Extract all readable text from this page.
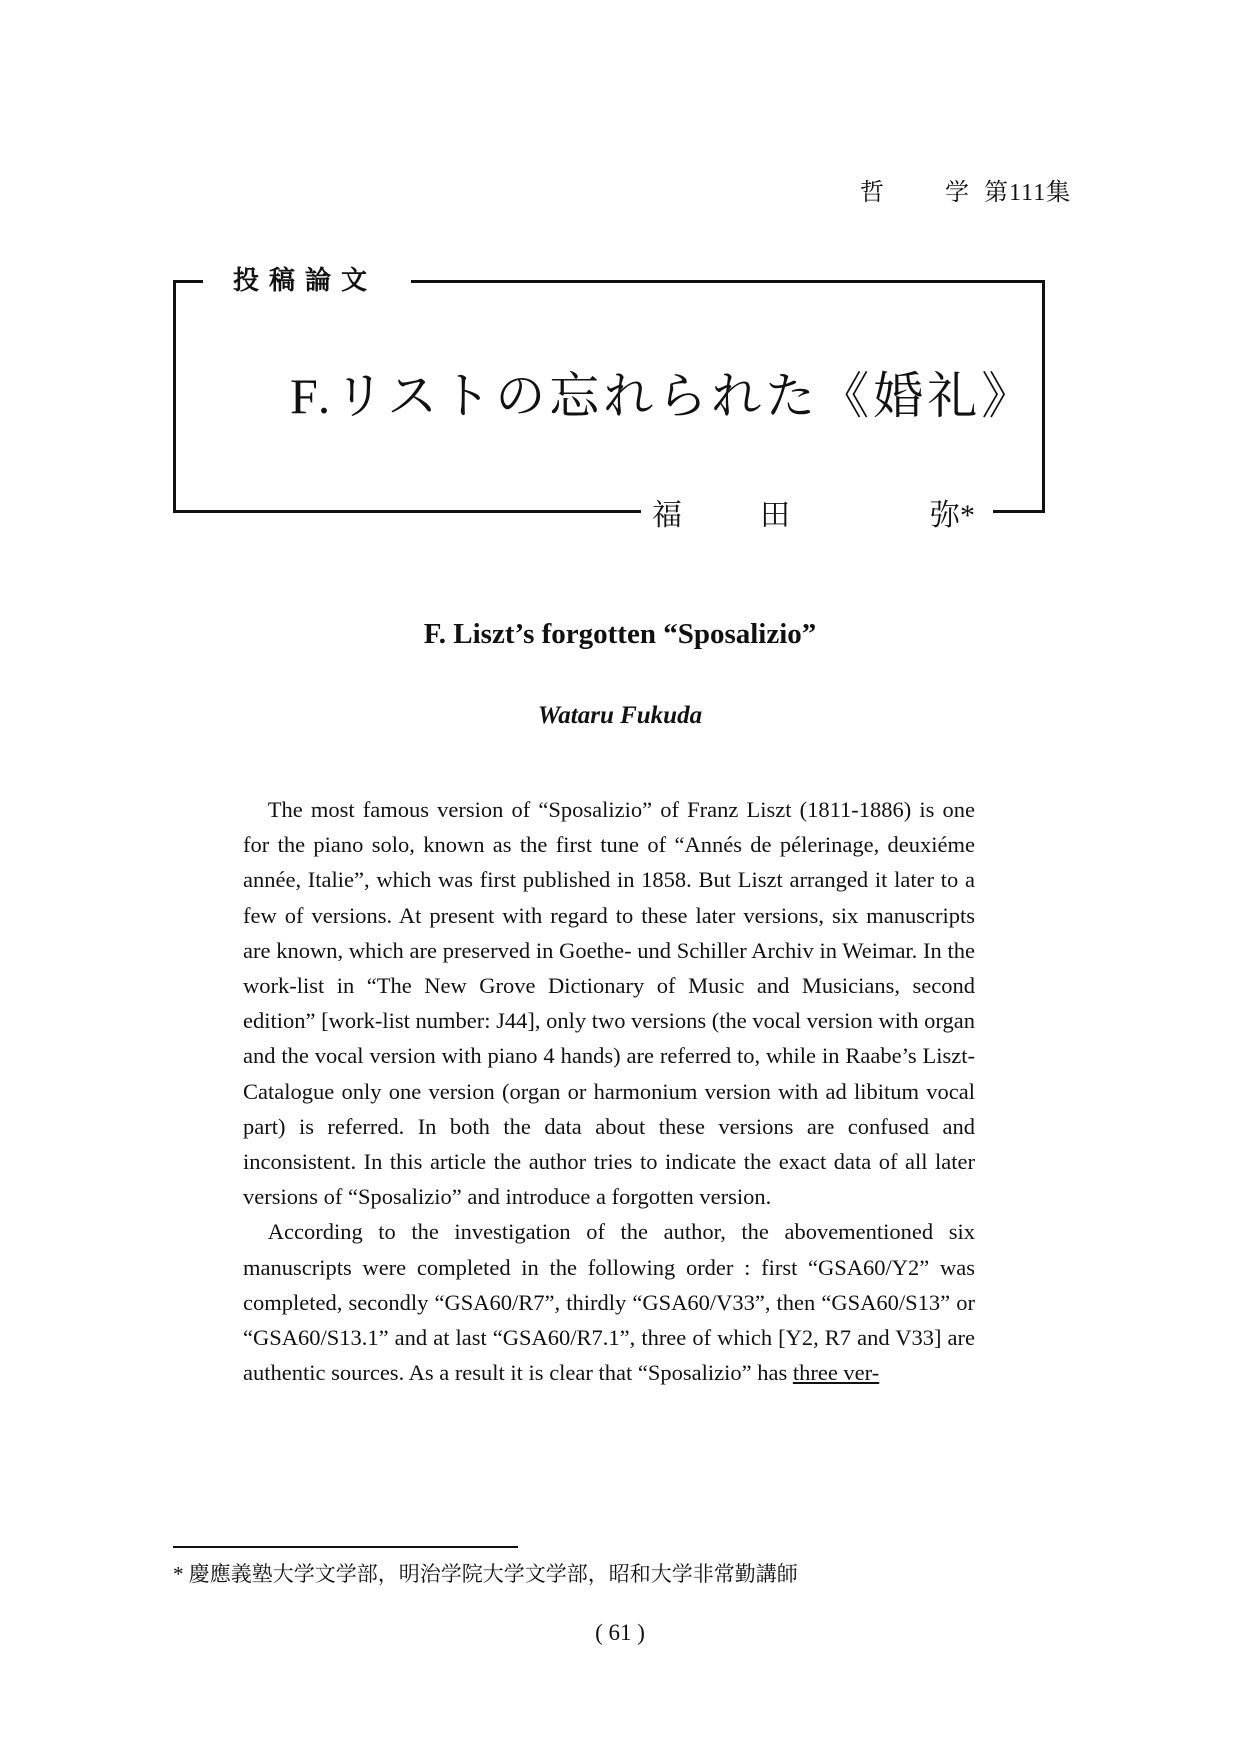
哲	学 第111集
投稿論文
F.リストの忘れられた《婚礼》
福	田	弥*
F. Liszt’s forgotten “Sposalizio”
Wataru Fukuda

The most famous version of “Sposalizio” of Franz Liszt (1811-1886) is one for the piano solo, known as the first tune of “Annés de pélerinage, deuxiéme année, Italie”, which was first published in 1858. But Liszt arranged it later to a few of versions. At present with regard to these later versions, six manuscripts are known, which are preserved in Goethe- und Schiller Archiv in Weimar. In the work-list in “The New Grove Dictionary of Music and Musicians, second edition” [work-list number: J44], only two versions (the vocal version with organ and the vocal version with piano 4 hands) are referred to, while in Raabe’s Liszt-Catalogue only one version (organ or harmonium version with ad libitum vocal part) is referred. In both the data about these versions are confused and inconsistent. In this article the author tries to indicate the exact data of all later versions of “Sposalizio” and introduce a forgotten version.

According to the investigation of the author, the abovementioned six manuscripts were completed in the following order : first “GSA60/Y2” was completed, secondly “GSA60/R7”, thirdly “GSA60/V33”, then “GSA60/S13” or “GSA60/S13.1” and at last “GSA60/R7.1”, three of which [Y2, R7 and V33] are authentic sources. As a result it is clear that “Sposalizio” has three ver-

* 慶應義塾大学文学部，明治学院大学文学部，昭和大学非常勤講師
( 61 )
